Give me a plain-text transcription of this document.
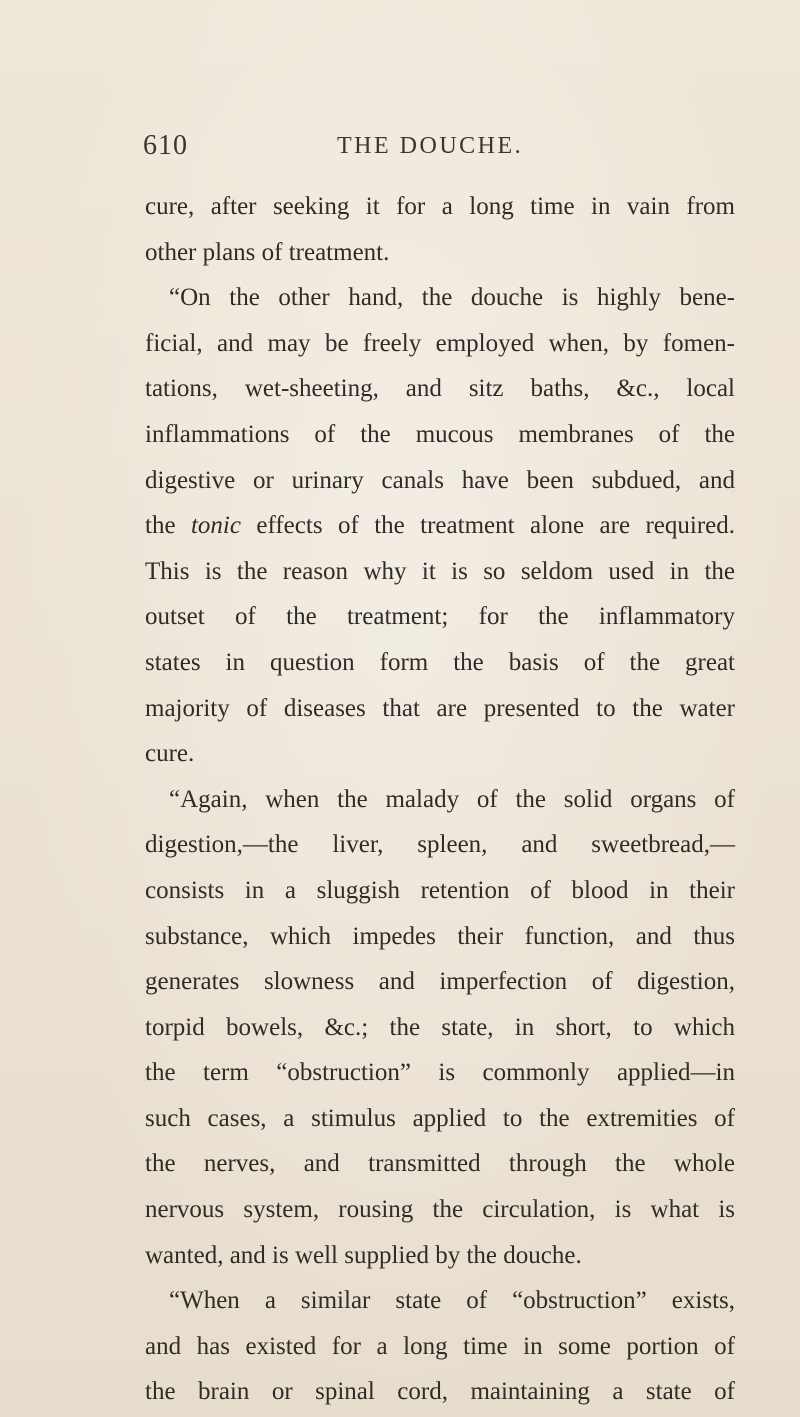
610	THE DOUCHE.
cure, after seeking it for a long time in vain from
other plans of treatment.
“On the other hand, the douche is highly bene-
ficial, and may be freely employed when, by fomen-
tations, wet-sheeting, and sitz baths, &c., local
inflammations of the mucous membranes of the
digestive or urinary canals have been subdued, and
the tonic effects of the treatment alone are required.
This is the reason why it is so seldom used in the
outset of the treatment; for the inflammatory
states in question form the basis of the great
majority of diseases that are presented to the water
cure.
“Again, when the malady of the solid organs of
digestion,—the liver, spleen, and sweetbread,—
consists in a sluggish retention of blood in their
substance, which impedes their function, and thus
generates slowness and imperfection of digestion,
torpid bowels, &c.; the state, in short, to which
the term “obstruction” is commonly applied—in
such cases, a stimulus applied to the extremities of
the nerves, and transmitted through the whole
nervous system, rousing the circulation, is what is
wanted, and is well supplied by the douche.
“When a similar state of “obstruction” exists,
and has existed for a long time in some portion of
the brain or spinal cord, maintaining a state of
